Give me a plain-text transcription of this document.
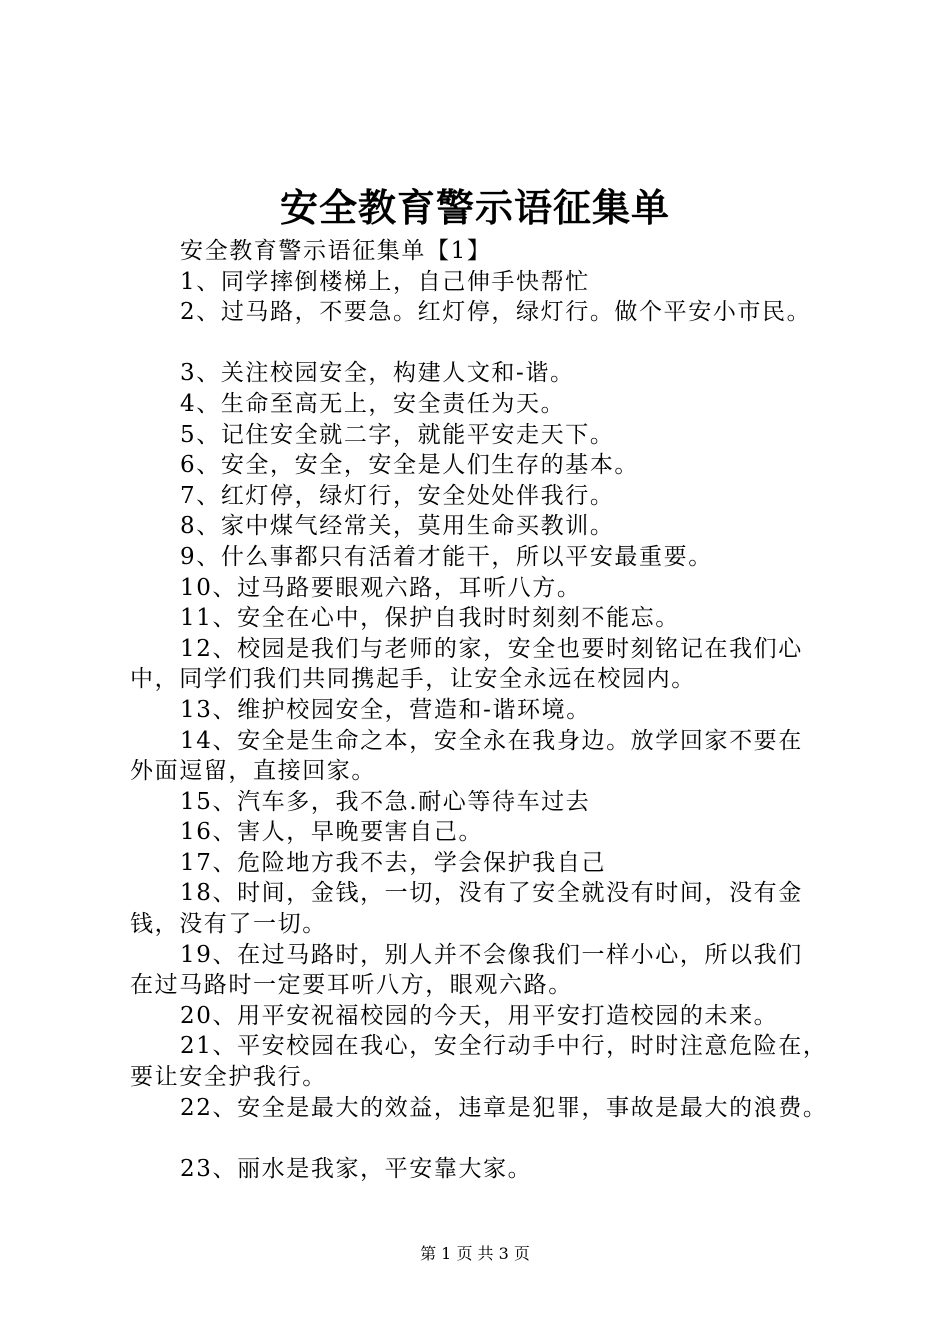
安全教育警示语征集单
安全教育警示语征集单【1】
1、同学摔倒楼梯上，自己伸手快帮忙
2、过马路，不要急。红灯停，绿灯行。做个平安小市民。
3、关注校园安全，构建人文和-谐。
4、生命至高无上，安全责任为天。
5、记住安全就二字，就能平安走天下。
6、安全，安全，安全是人们生存的基本。
7、红灯停，绿灯行，安全处处伴我行。
8、家中煤气经常关，莫用生命买教训。
9、什么事都只有活着才能干，所以平安最重要。
10、过马路要眼观六路，耳听八方。
11、安全在心中，保护自我时时刻刻不能忘。
12、校园是我们与老师的家，安全也要时刻铭记在我们心
中，同学们我们共同携起手，让安全永远在校园内。
13、维护校园安全，营造和-谐环境。
14、安全是生命之本，安全永在我身边。放学回家不要在
外面逗留，直接回家。
15、汽车多，我不急.耐心等待车过去
16、害人，早晚要害自己。
17、危险地方我不去，学会保护我自己
18、时间，金钱，一切，没有了安全就没有时间，没有金
钱，没有了一切。
19、在过马路时，别人并不会像我们一样小心，所以我们
在过马路时一定要耳听八方，眼观六路。
20、用平安祝福校园的今天，用平安打造校园的未来。
21、平安校园在我心，安全行动手中行，时时注意危险在，
要让安全护我行。
22、安全是最大的效益，违章是犯罪，事故是最大的浪费。
23、丽水是我家，平安靠大家。
第 1 页 共 3 页
